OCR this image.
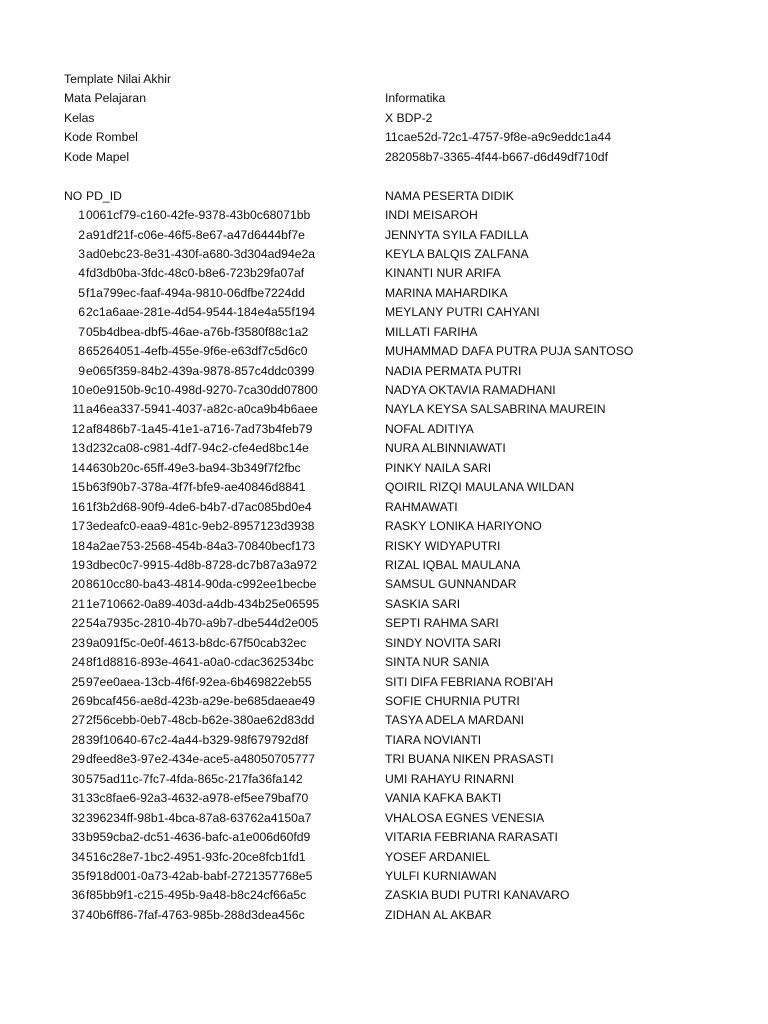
Template Nilai Akhir
Mata Pelajaran	Informatika
Kelas	X BDP-2
Kode Rombel	11cae52d-72c1-4757-9f8e-a9c9eddc1a44
Kode Mapel	282058b7-3365-4f44-b667-d6d49df710df
NO PD_ID	NAMA PESERTA DIDIK
1 0061cf79-c160-42fe-9378-43b0c68071bb	INDI MEISAROH
2 a91df21f-c06e-46f5-8e67-a47d6444bf7e	JENNYTA SYILA FADILLA
3 ad0ebc23-8e31-430f-a680-3d304ad94e2a	KEYLA BALQIS ZALFANA
4 fd3db0ba-3fdc-48c0-b8e6-723b29fa07af	KINANTI NUR ARIFA
5 f1a799ec-faaf-494a-9810-06dfbe7224dd	MARINA MAHARDIKA
6 2c1a6aae-281e-4d54-9544-184e4a55f194	MEYLANY PUTRI CAHYANI
7 05b4dbea-dbf5-46ae-a76b-f3580f88c1a2	MILLATI FARIHA
8 65264051-4efb-455e-9f6e-e63df7c5d6c0	MUHAMMAD DAFA PUTRA PUJA SANTOSO
9 e065f359-84b2-439a-9878-857c4ddc0399	NADIA PERMATA PUTRI
10 e0e9150b-9c10-498d-9270-7ca30dd07800	NADYA OKTAVIA RAMADHANI
11 a46ea337-5941-4037-a82c-a0ca9b4b6aee	NAYLA KEYSA SALSABRINA MAUREIN
12 af8486b7-1a45-41e1-a716-7ad73b4feb79	NOFAL ADITIYA
13 d232ca08-c981-4df7-94c2-cfe4ed8bc14e	NURA ALBINNIAWATI
14 4630b20c-65ff-49e3-ba94-3b349f7f2fbc	PINKY NAILA SARI
15 b63f90b7-378a-4f7f-bfe9-ae40846d8841	QOIRIL RIZQI MAULANA WILDAN
16 1f3b2d68-90f9-4de6-b4b7-d7ac085bd0e4	RAHMAWATI
17 3edeafc0-eaa9-481c-9eb2-8957123d3938	RASKY LONIKA HARIYONO
18 4a2ae753-2568-454b-84a3-70840becf173	RISKY WIDYAPUTRI
19 3dbec0c7-9915-4d8b-8728-dc7b87a3a972	RIZAL IQBAL MAULANA
20 8610cc80-ba43-4814-90da-c992ee1becbe	SAMSUL GUNNANDAR
21 1e710662-0a89-403d-a4db-434b25e06595	SASKIA SARI
22 54a7935c-2810-4b70-a9b7-dbe544d2e005	SEPTI RAHMA SARI
23 9a091f5c-0e0f-4613-b8dc-67f50cab32ec	SINDY NOVITA SARI
24 8f1d8816-893e-4641-a0a0-cdac362534bc	SINTA NUR SANIA
25 97ee0aea-13cb-4f6f-92ea-6b469822eb55	SITI DIFA FEBRIANA ROBI'AH
26 9bcaf456-ae8d-423b-a29e-be685daeae49	SOFIE CHURNIA PUTRI
27 2f56cebb-0eb7-48cb-b62e-380ae62d83dd	TASYA ADELA MARDANI
28 39f10640-67c2-4a44-b329-98f679792d8f	TIARA NOVIANTI
29 dfeed8e3-97e2-434e-ace5-a48050705777	TRI BUANA NIKEN PRASASTI
30 575ad11c-7fc7-4fda-865c-217fa36fa142	UMI RAHAYU RINARNI
31 33c8fae6-92a3-4632-a978-ef5ee79baf70	VANIA KAFKA BAKTI
32 396234ff-98b1-4bca-87a8-63762a4150a7	VHALOSA EGNES VENESIA
33 b959cba2-dc51-4636-bafc-a1e006d60fd9	VITARIA FEBRIANA RARASATI
34 516c28e7-1bc2-4951-93fc-20ce8fcb1fd1	YOSEF ARDANIEL
35 f918d001-0a73-42ab-babf-2721357768e5	YULFI KURNIAWAN
36 f85bb9f1-c215-495b-9a48-b8c24cf66a5c	ZASKIA BUDI PUTRI KANAVARO
37 40b6ff86-7faf-4763-985b-288d3dea456c	ZIDHAN AL AKBAR
